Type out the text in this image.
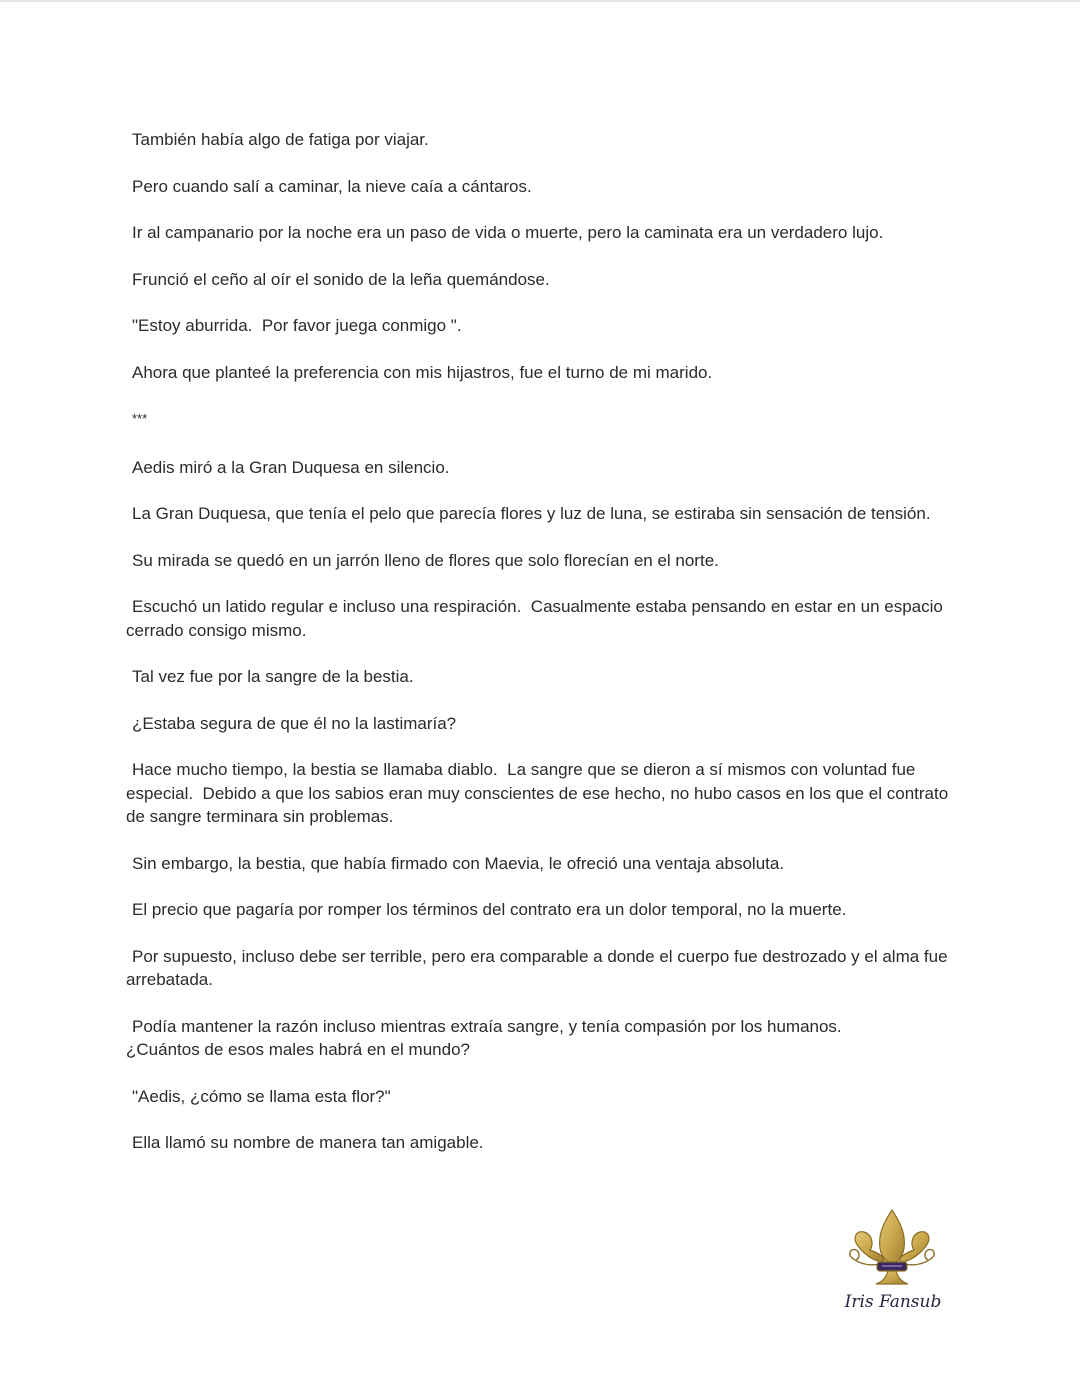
También había algo de fatiga por viajar.

Pero cuando salí a caminar, la nieve caía a cántaros.

Ir al campanario por la noche era un paso de vida o muerte, pero la caminata era un verdadero lujo.

Frunció el ceño al oír el sonido de la leña quemándose.

"Estoy aburrida.  Por favor juega conmigo ".

Ahora que planteé la preferencia con mis hijastros, fue el turno de mi marido.

***

Aedis miró a la Gran Duquesa en silencio.

La Gran Duquesa, que tenía el pelo que parecía flores y luz de luna, se estiraba sin sensación de tensión.

Su mirada se quedó en un jarrón lleno de flores que solo florecían en el norte.

Escuchó un latido regular e incluso una respiración.  Casualmente estaba pensando en estar en un espacio cerrado consigo mismo.

Tal vez fue por la sangre de la bestia.

¿Estaba segura de que él no la lastimaría?

Hace mucho tiempo, la bestia se llamaba diablo.  La sangre que se dieron a sí mismos con voluntad fue especial.  Debido a que los sabios eran muy conscientes de ese hecho, no hubo casos en los que el contrato de sangre terminara sin problemas.

Sin embargo, la bestia, que había firmado con Maevia, le ofreció una ventaja absoluta.

El precio que pagaría por romper los términos del contrato era un dolor temporal, no la muerte.

Por supuesto, incluso debe ser terrible, pero era comparable a donde el cuerpo fue destrozado y el alma fue arrebatada.

Podía mantener la razón incluso mientras extraía sangre, y tenía compasión por los humanos.
¿Cuántos de esos males habrá en el mundo?

"Aedis, ¿cómo se llama esta flor?"

Ella llamó su nombre de manera tan amigable.

Iris Fansub
